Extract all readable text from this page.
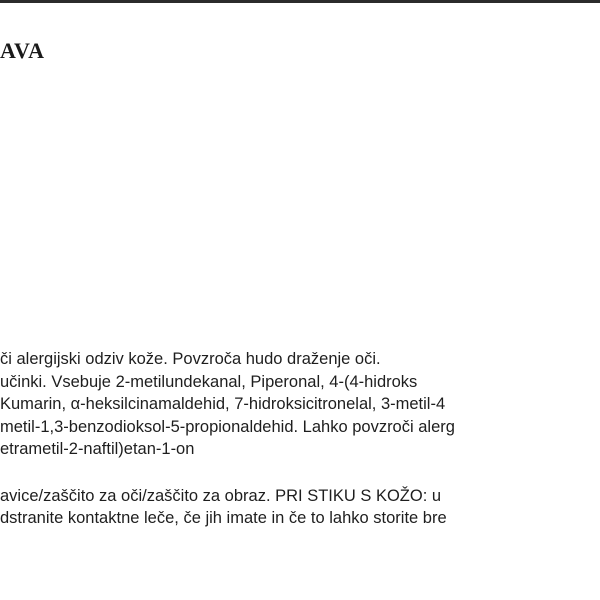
AVA
či alergijski odziv kože. Povzroča hudo draženje oči.
učinki. Vsebuje 2-metilundekanal, Piperonal, 4-(4-hidroks
Kumarin, α-heksilcinamaldehid, 7-hidroksicitronelal, 3-metil-4
metil-1,3-benzodioksol-5-propionaldehid. Lahko povzroči alerg
etrametil-2-naftil)etan-1-on
avice/zaščito za oči/zaščito za obraz. PRI STIKU S KOŽO: u
dstranite kontaktne leče, če jih imate in če to lahko storite bre
